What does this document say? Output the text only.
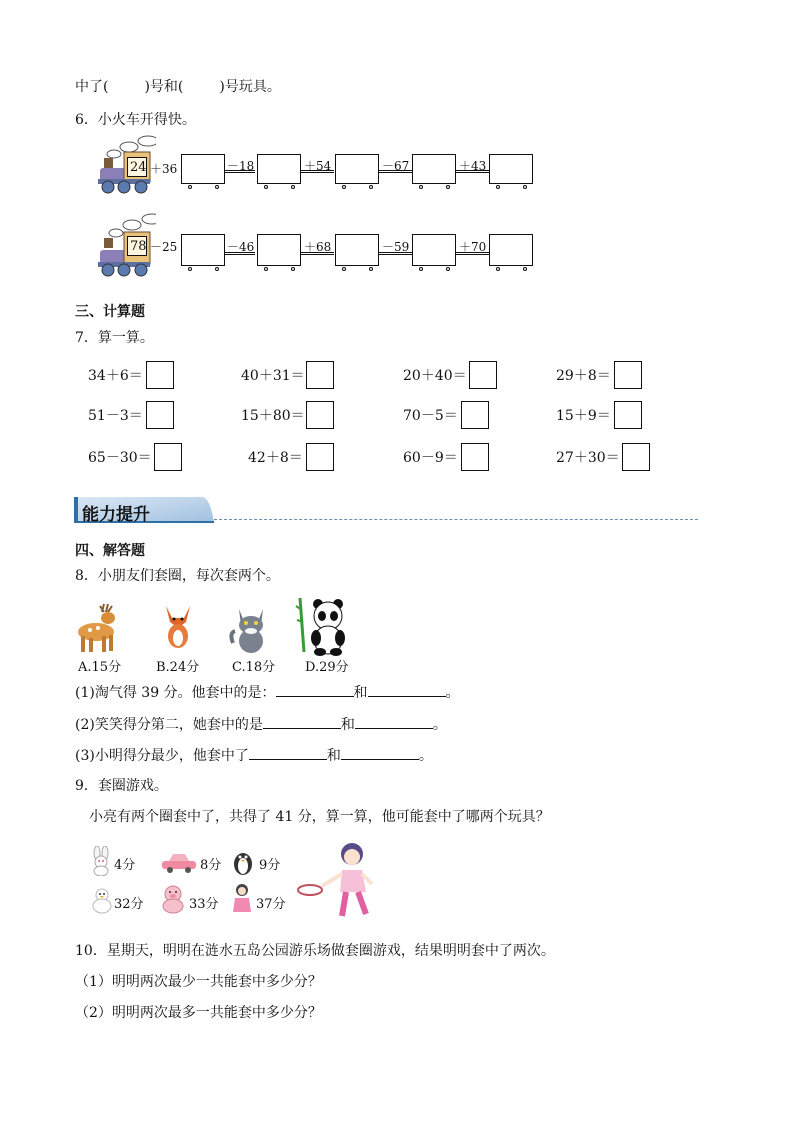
中了(	)号和(	)号玩具。
6．小火车开得快。
24 ＋36	－18	＋54	－67	＋43
78 －25	－46	＋68	－59	＋70
三、计算题
7．算一算。
34＋6＝	40＋31＝	20＋40＝	29＋8＝
51－3＝	15＋80＝	70－5＝	15＋9＝
65－30＝	42＋8＝	60－9＝	27＋30＝
能力提升
四、解答题
8．小朋友们套圈，每次套两个。
A.15分	B.24分	C.18分 D.29分
(1)淘气得 39 分。他套中的是：	和	。
(2)笑笑得分第二，她套中的是	和	。
(3)小明得分最少，他套中了	和	。
9．套圈游戏。
小亮有两个圈套中了，共得了 41 分，算一算，他可能套中了哪两个玩具？
4分	8分	9分
32分	33分	37分
10．星期天，明明在涟水五岛公园游乐场做套圈游戏，结果明明套中了两次。
（1）明明两次最少一共能套中多少分？
（2）明明两次最多一共能套中多少分？
